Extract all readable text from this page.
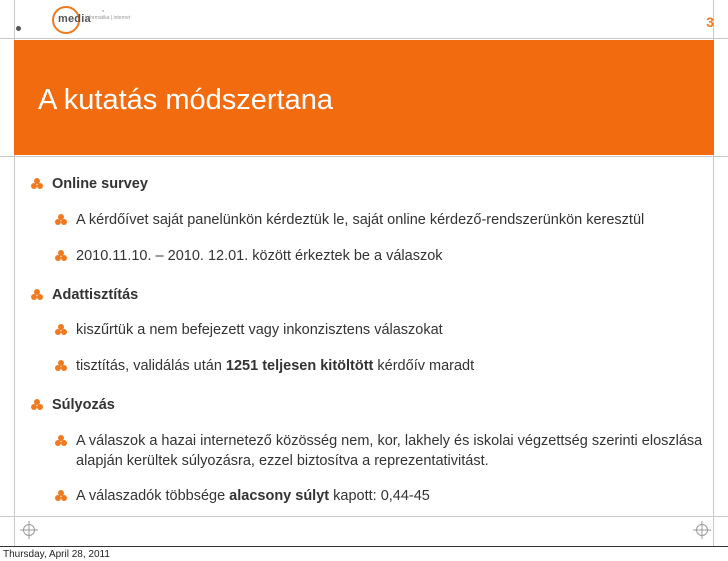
media
a
informatika | internet	3
A kutatás módszertana
Online survey
A kérdőívet saját panelünkön kérdeztük le, saját online kérdező-rendszerünkön keresztül
2010.11.10. – 2010. 12.01. között érkeztek be a válaszok
Adattisztítás
kiszűrtük a nem befejezett vagy inkonzisztens válaszokat
tisztítás, validálás után 1251 teljesen kitöltött kérdőív maradt
Súlyozás
A válaszok a hazai internetező közösség nem, kor, lakhely és iskolai végzettség szerinti eloszlása alapján kerültek súlyozásra, ezzel biztosítva a reprezentativitást.
A válaszadók többsége alacsony súlyt kapott: 0,44-45
Thursday, April 28, 2011
